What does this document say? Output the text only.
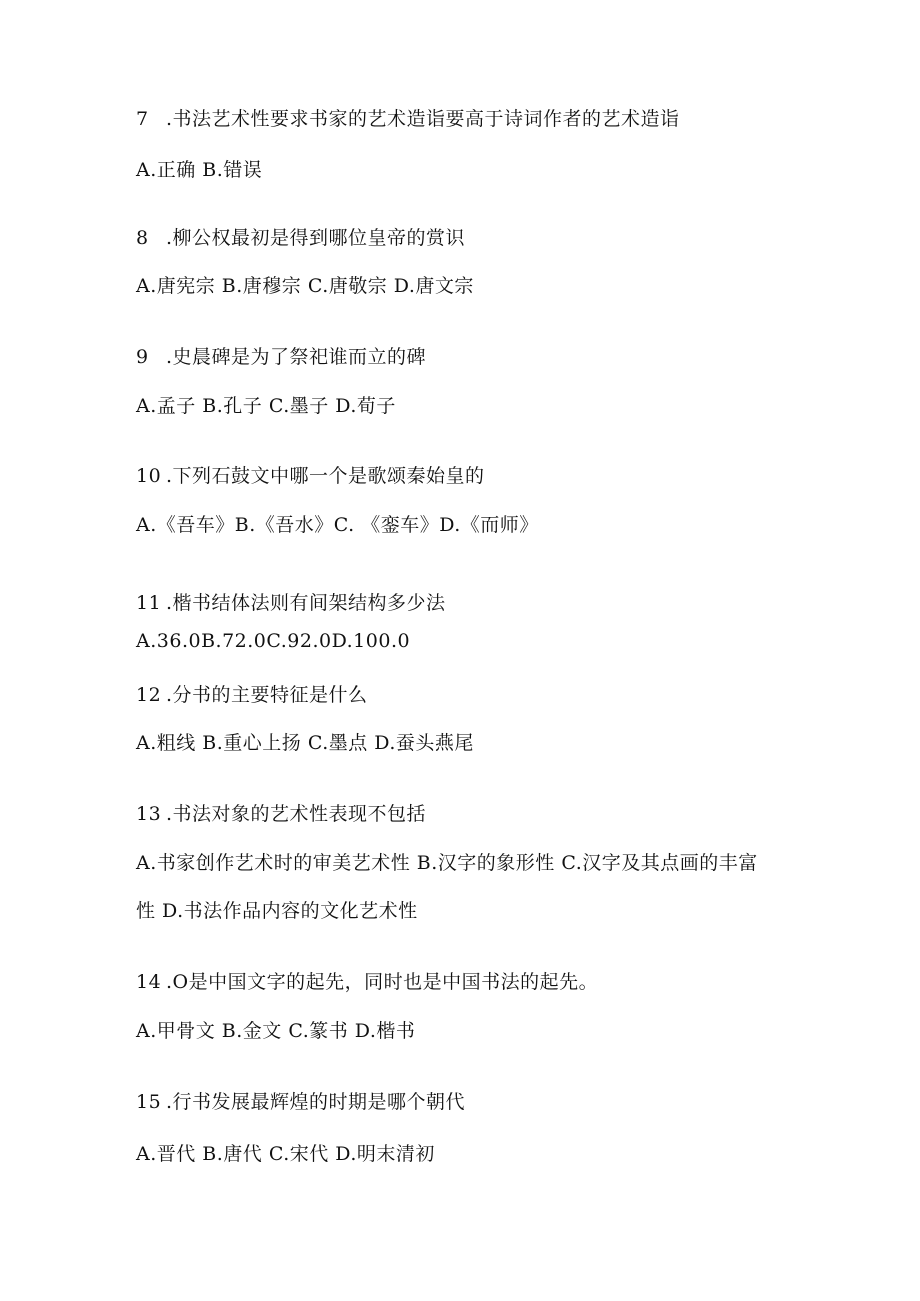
7 .书法艺术性要求书家的艺术造诣要高于诗词作者的艺术造诣
A.正确 B.错误
8 .柳公权最初是得到哪位皇帝的赏识
A.唐宪宗 B.唐穆宗 C.唐敬宗 D.唐文宗
9 .史晨碑是为了祭祀谁而立的碑
A.孟子 B.孔子 C.墨子 D.荀子
10 .下列石鼓文中哪一个是歌颂秦始皇的
A.《吾车》B.《吾水》C. 《銮车》D.《而师》
11 .楷书结体法则有间架结构多少法
A.36.0B.72.0C.92.0D.100.0
12 .分书的主要特征是什么
A.粗线 B.重心上扬 C.墨点 D.蚕头燕尾
13 .书法对象的艺术性表现不包括
A.书家创作艺术时的审美艺术性 B.汉字的象形性 C.汉字及其点画的丰富
性 D.书法作品内容的文化艺术性
14 .O是中国文字的起先，同时也是中国书法的起先。
A.甲骨文 B.金文 C.篆书 D.楷书
15 .行书发展最辉煌的时期是哪个朝代
A.晋代 B.唐代 C.宋代 D.明末清初
